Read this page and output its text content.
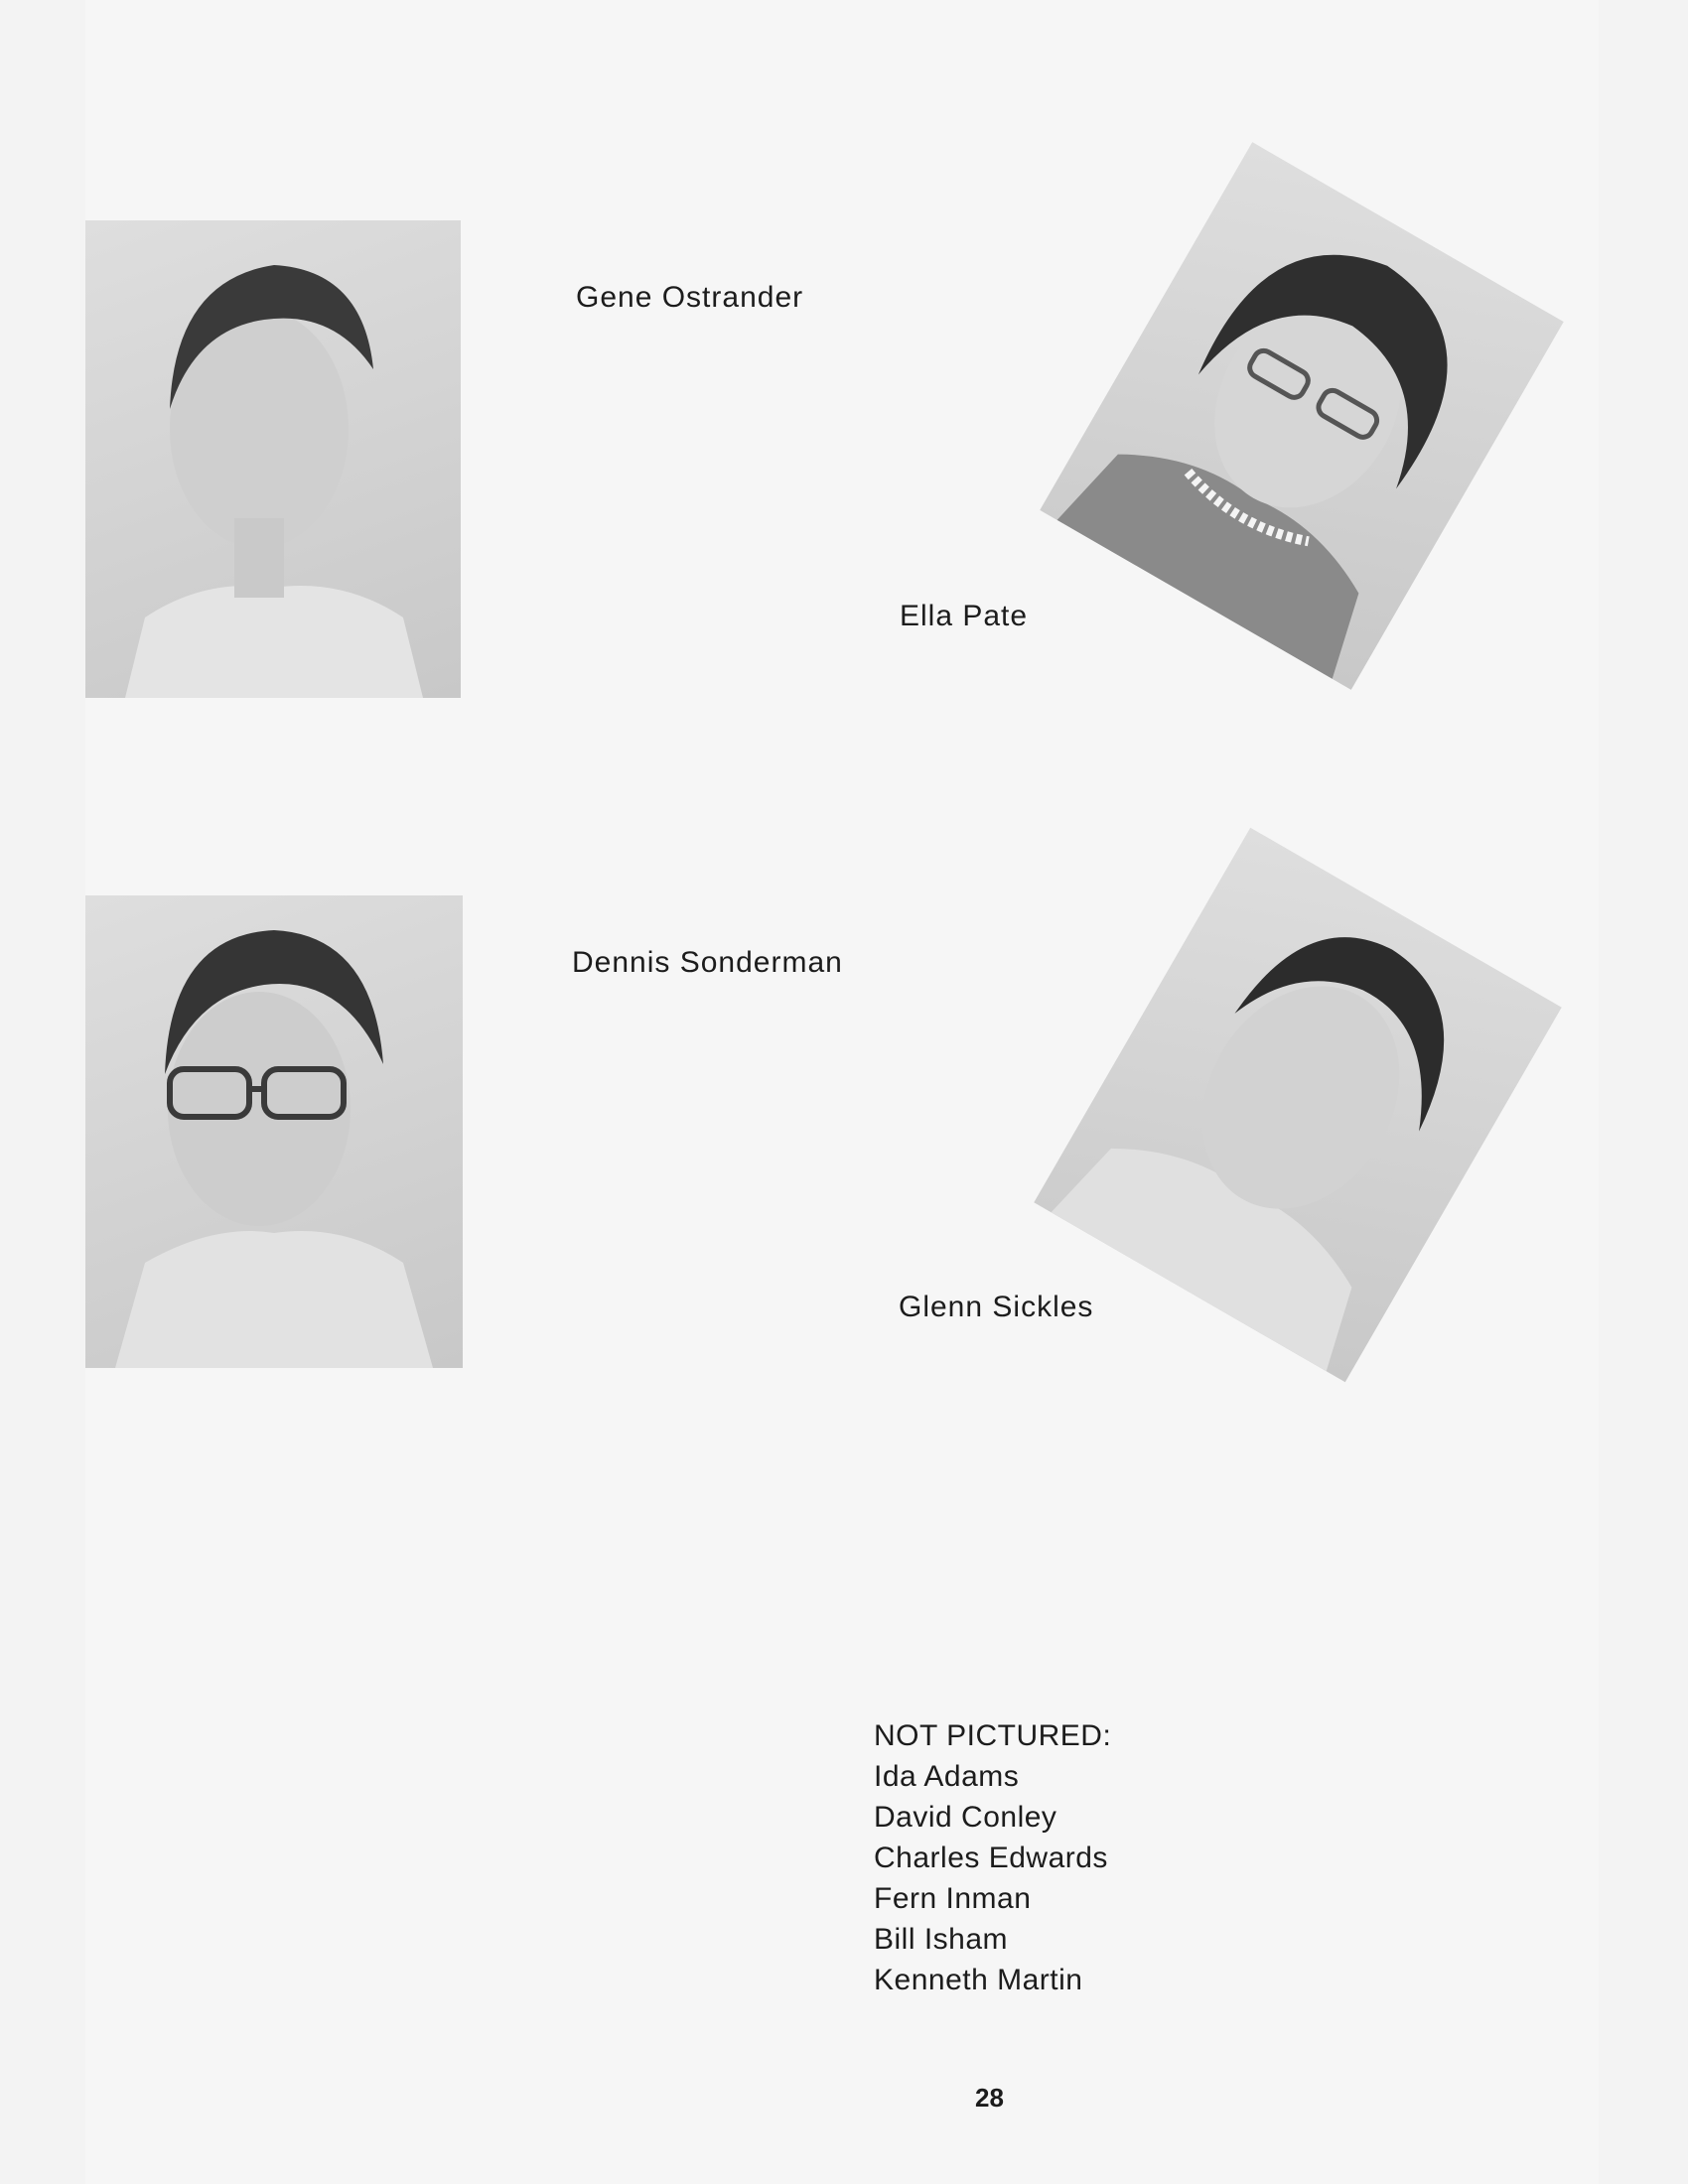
Gene Ostrander
Ella Pate
Dennis Sonderman
Glenn Sickles
NOT PICTURED:
Ida Adams
David Conley
Charles Edwards
Fern Inman
Bill Isham
Kenneth Martin
28
